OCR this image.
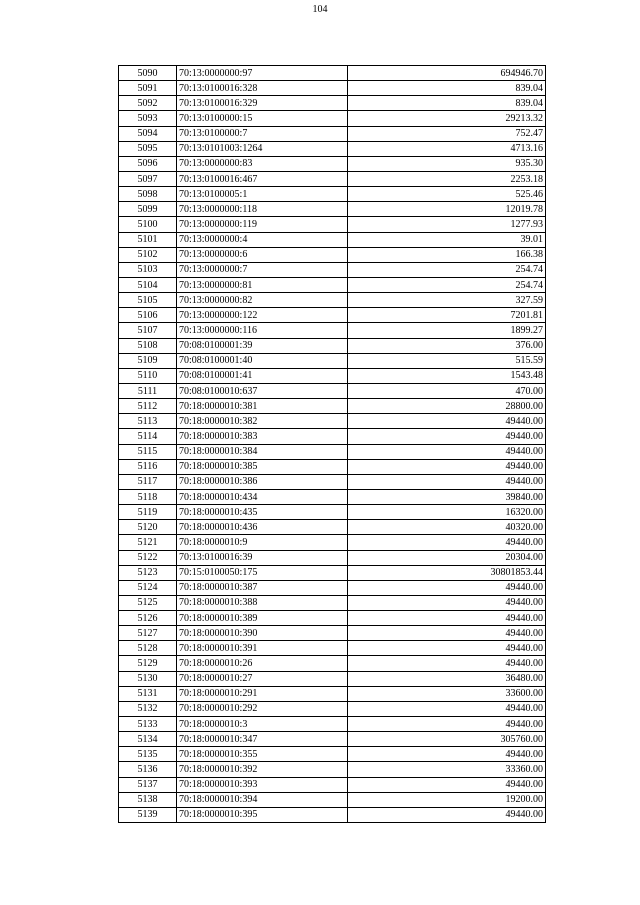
104
5090	70:13:0000000:97	694946.70
5091	70:13:0100016:328	839.04
5092	70:13:0100016:329	839.04
5093	70:13:0100000:15	29213.32
5094	70:13:0100000:7	752.47
5095	70:13:0101003:1264	4713.16
5096	70:13:0000000:83	935.30
5097	70:13:0100016:467	2253.18
5098	70:13:0100005:1	525.46
5099	70:13:0000000:118	12019.78
5100	70:13:0000000:119	1277.93
5101	70:13:0000000:4	39.01
5102	70:13:0000000:6	166.38
5103	70:13:0000000:7	254.74
5104	70:13:0000000:81	254.74
5105	70:13:0000000:82	327.59
5106	70:13:0000000:122	7201.81
5107	70:13:0000000:116	1899.27
5108	70:08:0100001:39	376.00
5109	70:08:0100001:40	515.59
5110	70:08:0100001:41	1543.48
5111	70:08:0100010:637	470.00
5112	70:18:0000010:381	28800.00
5113	70:18:0000010:382	49440.00
5114	70:18:0000010:383	49440.00
5115	70:18:0000010:384	49440.00
5116	70:18:0000010:385	49440.00
5117	70:18:0000010:386	49440.00
5118	70:18:0000010:434	39840.00
5119	70:18:0000010:435	16320.00
5120	70:18:0000010:436	40320.00
5121	70:18:0000010:9	49440.00
5122	70:13:0100016:39	20304.00
5123	70:15:0100050:175	30801853.44
5124	70:18:0000010:387	49440.00
5125	70:18:0000010:388	49440.00
5126	70:18:0000010:389	49440.00
5127	70:18:0000010:390	49440.00
5128	70:18:0000010:391	49440.00
5129	70:18:0000010:26	49440.00
5130	70:18:0000010:27	36480.00
5131	70:18:0000010:291	33600.00
5132	70:18:0000010:292	49440.00
5133	70:18:0000010:3	49440.00
5134	70:18:0000010:347	305760.00
5135	70:18:0000010:355	49440.00
5136	70:18:0000010:392	33360.00
5137	70:18:0000010:393	49440.00
5138	70:18:0000010:394	19200.00
5139	70:18:0000010:395	49440.00
